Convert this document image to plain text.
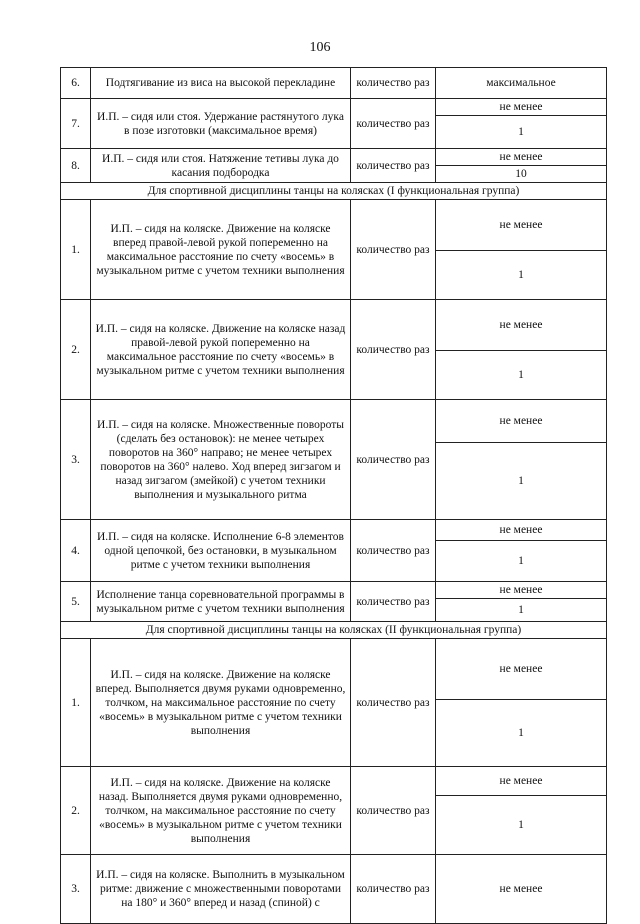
106
6.	Подтягивание из виса на высокой перекладине	количество раз	максимальное
7.	И.П. – сидя или стоя. Удержание растянутого лука в позе изготовки (максимальное время)	количество раз	не менее
			1
8.	И.П. – сидя или стоя. Натяжение тетивы лука до касания подбородка	количество раз	не менее
			10
Для спортивной дисциплины танцы на колясках (I функциональная группа)			
1.	И.П. – сидя на коляске. Движение на коляске вперед правой-левой рукой попеременно на максимальное расстояние по счету «восемь» в музыкальном ритме с учетом техники выполнения	количество раз	не менее
			1
2.	И.П. – сидя на коляске. Движение на коляске назад правой-левой рукой попеременно на максимальное расстояние по счету «восемь» в музыкальном ритме с учетом техники выполнения	количество раз	не менее
			1
3.	И.П. – сидя на коляске. Множественные повороты (сделать без остановок): не менее четырех поворотов на 360° направо; не менее четырех поворотов на 360° налево. Ход вперед зигзагом и назад зигзагом (змейкой) с учетом техники выполнения и музыкального ритма	количество раз	не менее
			1
4.	И.П. – сидя на коляске. Исполнение 6-8 элементов одной цепочкой, без остановки, в музыкальном ритме с учетом техники выполнения	количество раз	не менее
			1
5.	Исполнение танца соревновательной программы в музыкальном ритме с учетом техники выполнения	количество раз	не менее
			1
Для спортивной дисциплины танцы на колясках (II функциональная группа)			
1.	И.П. – сидя на коляске. Движение на коляске вперед. Выполняется двумя руками одновременно, толчком, на максимальное расстояние по счету «восемь» в музыкальном ритме с учетом техники выполнения	количество раз	не менее
			1
2.	И.П. – сидя на коляске. Движение на коляске назад. Выполняется двумя руками одновременно, толчком, на максимальное расстояние по счету «восемь» в музыкальном ритме с учетом техники выполнения	количество раз	не менее
			1
3.	И.П. – сидя на коляске. Выполнить в музыкальном ритме: движение с множественными поворотами на 180° и 360° вперед и назад (спиной) с	количество раз	не менее
